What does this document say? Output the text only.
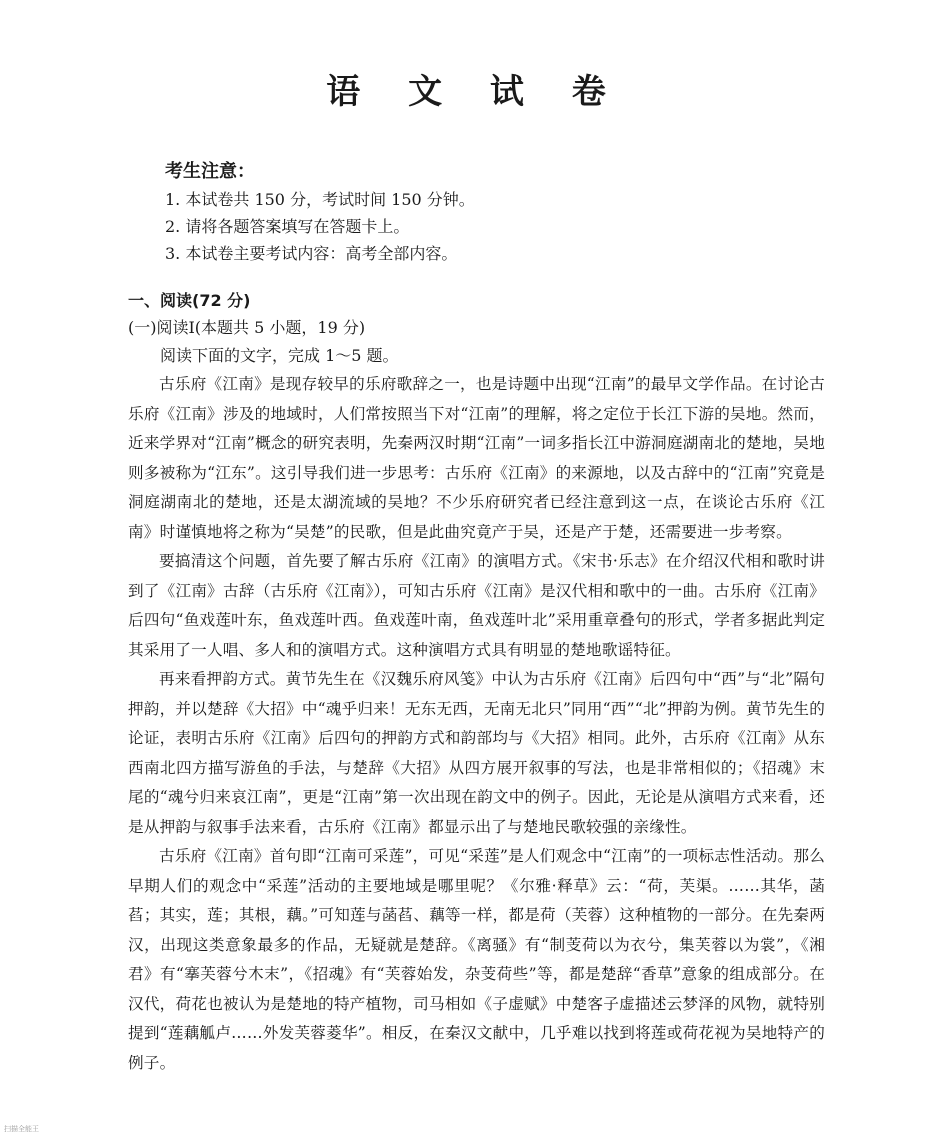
语 文 试 卷

考生注意：

1. 本试卷共 150 分，考试时间 150 分钟。

2. 请将各题答案填写在答题卡上。

3. 本试卷主要考试内容：高考全部内容。

一、阅读(72 分)

(一)阅读Ⅰ(本题共 5 小题，19 分)

阅读下面的文字，完成 1～5 题。

古乐府《江南》是现存较早的乐府歌辞之一，也是诗题中出现“江南”的最早文学作品。在讨论古乐府《江南》涉及的地域时，人们常按照当下对“江南”的理解，将之定位于长江下游的吴地。然而，近来学界对“江南”概念的研究表明，先秦两汉时期“江南”一词多指长江中游洞庭湖南北的楚地，吴地则多被称为“江东”。这引导我们进一步思考：古乐府《江南》的来源地，以及古辞中的“江南”究竟是洞庭湖南北的楚地，还是太湖流域的吴地？不少乐府研究者已经注意到这一点，在谈论古乐府《江南》时谨慎地将之称为“吴楚”的民歌，但是此曲究竟产于吴，还是产于楚，还需要进一步考察。

要搞清这个问题，首先要了解古乐府《江南》的演唱方式。《宋书·乐志》在介绍汉代相和歌时讲到了《江南》古辞（古乐府《江南》），可知古乐府《江南》是汉代相和歌中的一曲。古乐府《江南》后四句“鱼戏莲叶东，鱼戏莲叶西。鱼戏莲叶南，鱼戏莲叶北”采用重章叠句的形式，学者多据此判定其采用了一人唱、多人和的演唱方式。这种演唱方式具有明显的楚地歌谣特征。

再来看押韵方式。黄节先生在《汉魏乐府风笺》中认为古乐府《江南》后四句中“西”与“北”隔句押韵，并以楚辞《大招》中“魂乎归来！无东无西，无南无北只”同用“西”“北”押韵为例。黄节先生的论证，表明古乐府《江南》后四句的押韵方式和韵部均与《大招》相同。此外，古乐府《江南》从东西南北四方描写游鱼的手法，与楚辞《大招》从四方展开叙事的写法，也是非常相似的；《招魂》末尾的“魂兮归来哀江南”，更是“江南”第一次出现在韵文中的例子。因此，无论是从演唱方式来看，还是从押韵与叙事手法来看，古乐府《江南》都显示出了与楚地民歌较强的亲缘性。

古乐府《江南》首句即“江南可采莲”，可见“采莲”是人们观念中“江南”的一项标志性活动。那么早期人们的观念中“采莲”活动的主要地域是哪里呢？《尔雅·释草》云：“荷，芙渠。……其华，菡萏；其实，莲；其根，藕。”可知莲与菡萏、藕等一样，都是荷（芙蓉）这种植物的一部分。在先秦两汉，出现这类意象最多的作品，无疑就是楚辞。《离骚》有“制芰荷以为衣兮，集芙蓉以为裳”，《湘君》有“搴芙蓉兮木末”，《招魂》有“芙蓉始发，杂芰荷些”等，都是楚辞“香草”意象的组成部分。在汉代，荷花也被认为是楚地的特产植物，司马相如《子虚赋》中楚客子虚描述云梦泽的风物，就特别提到“莲藕觚卢……外发芙蓉菱华”。相反，在秦汉文献中，几乎难以找到将莲或荷花视为吴地特产的例子。

扫描全能王
